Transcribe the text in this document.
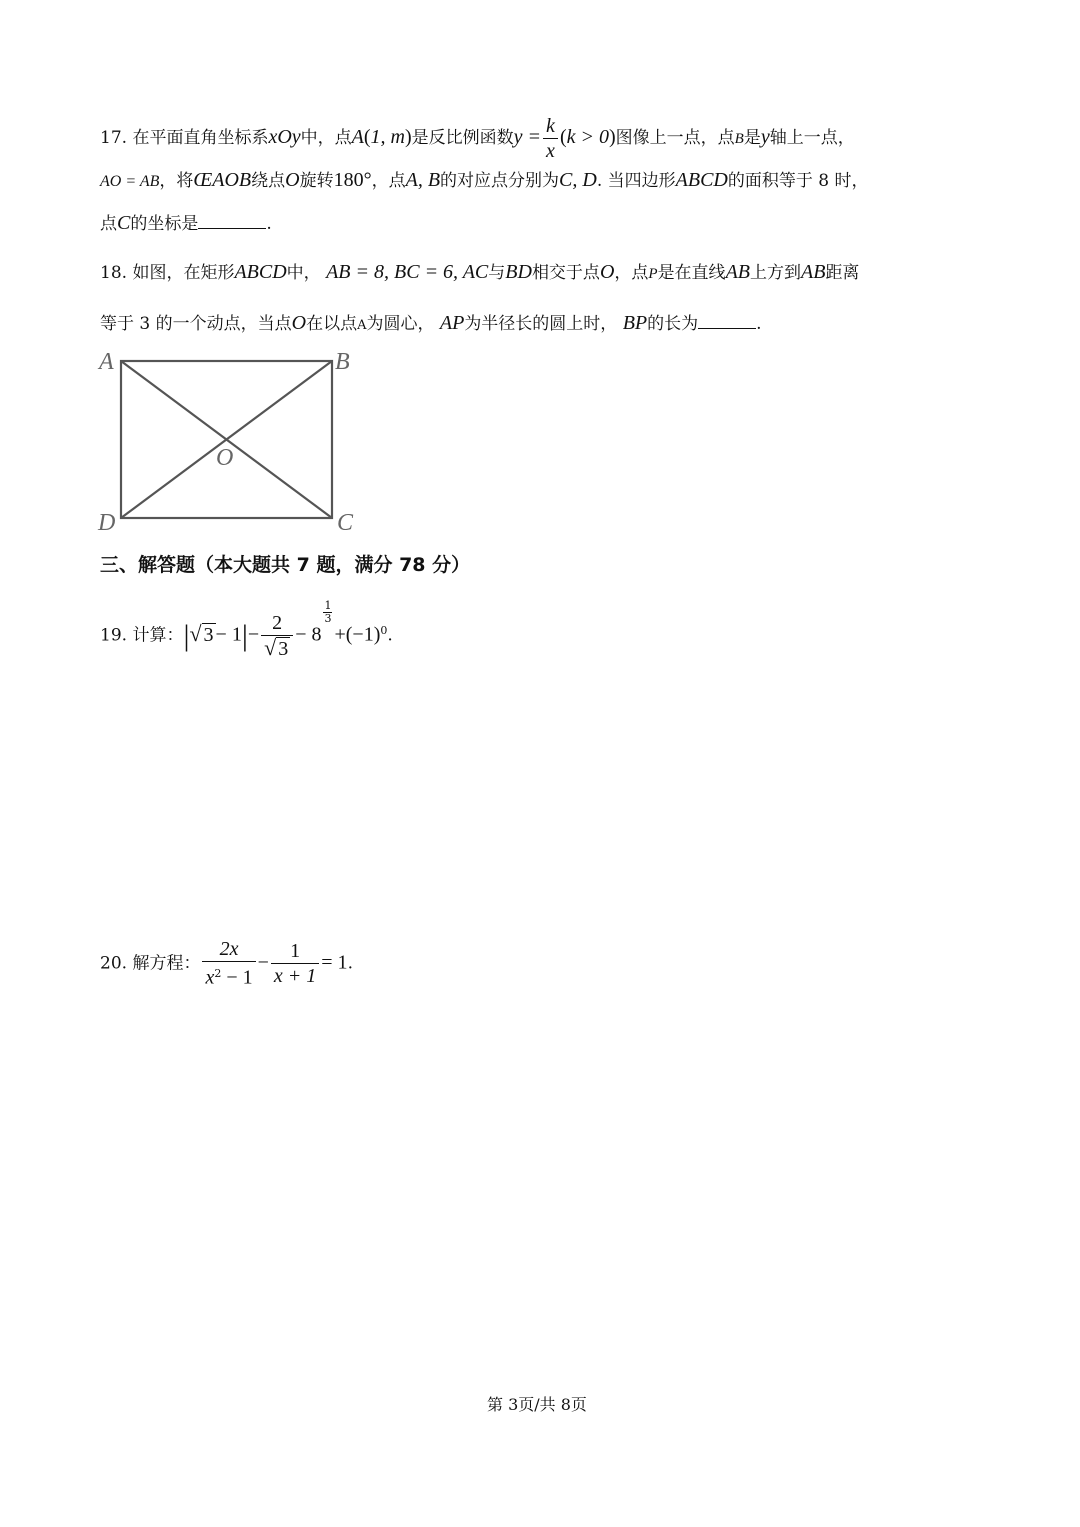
17. 在平面直角坐标系xOy中，点A(1, m)是反比例函数$y = \frac{k}{x} (k > 0)$图像上一点，点B是y轴上一点，
AO = AB，将ŒAOB绕点O旋转180°，点A, B的对应点分别为C, D. 当四边形ABCD的面积等于 8 时，
点C的坐标是	.
18. 如图，在矩形ABCD中， AB = 8, BC = 6, AC与BD相交于点O，点P是在直线AB上方到AB距离
等于 3 的一个动点，当点O在以点A为圆心， AP为半径长的圆上时， BP的长为	.
A	B
C
D
O
三、解答题（本大题共 7 题，满分 78 分）
19. 计算：|√ $3 - 1|- \frac{2}{√ 3} - 8$
$\frac{1}{3}$
$+(-1)^0$.
20. 解方程： $\frac{2x}{x^2 - 1} - \frac{1}{x + 1} = 1$.
第 3页/共 8页
